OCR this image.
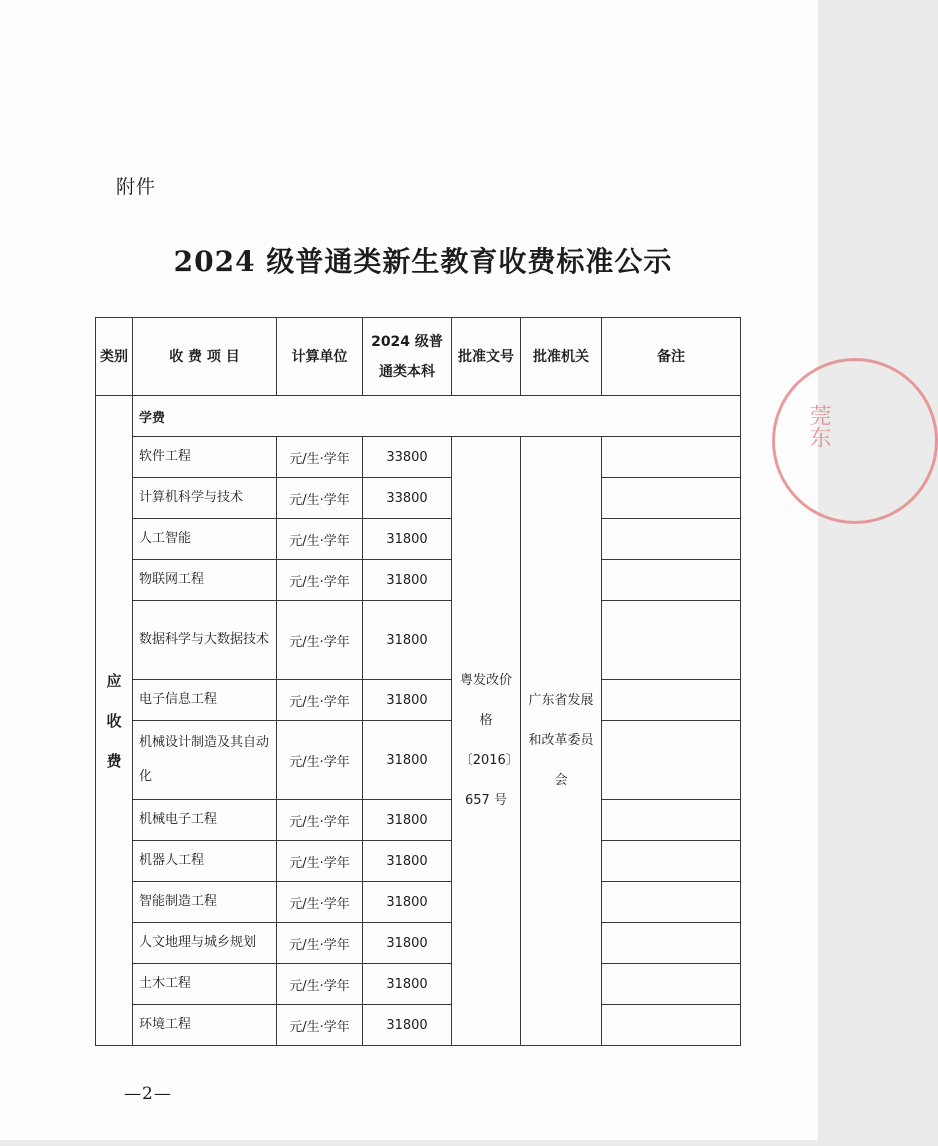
附件
2024 级普通类新生教育收费标准公示
类别	收 费 项 目	计算单位	2024 级普通类本科	批准文号	批准机关	备注
应收费	学费					
	软件工程	元/生·学年	33800	粤发改价格〔2016〕657 号	广东省发展和改革委员会	
	计算机科学与技术	元/生·学年	33800			
	人工智能	元/生·学年	31800			
	物联网工程	元/生·学年	31800			
	数据科学与大数据技术	元/生·学年	31800			
	电子信息工程	元/生·学年	31800			
	机械设计制造及其自动化	元/生·学年	31800			
	机械电子工程	元/生·学年	31800			
	机器人工程	元/生·学年	31800			
	智能制造工程	元/生·学年	31800			
	人文地理与城乡规划	元/生·学年	31800			
	土木工程	元/生·学年	31800			
	环境工程	元/生·学年	31800			
—2—
莞东
